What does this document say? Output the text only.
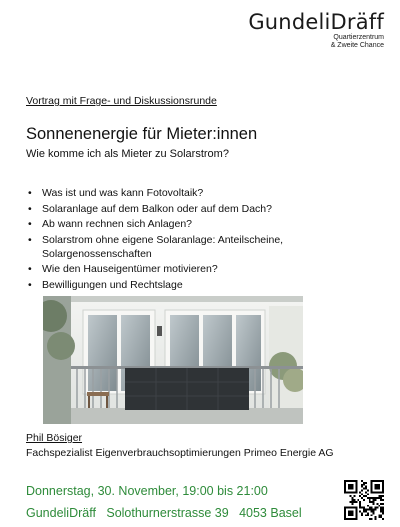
GundeliDräff
Quartierzentrum
& Zweite Chance
Vortrag mit Frage- und Diskussionsrunde
Sonnenenergie für Mieter:innen
Wie komme ich als Mieter zu Solarstrom?
• Was ist und was kann Fotovoltaik?
• Solaranlage auf dem Balkon oder auf dem Dach?
• Ab wann rechnen sich Anlagen?
• Solarstrom ohne eigene Solaranlage: Anteilscheine, Solargenossenschaften
• Wie den Hauseigentümer motivieren?
• Bewilligungen und Rechtslage
Phil Bösiger
Fachspezialist Eigenverbrauchsoptimierungen Primeo Energie AG
Donnerstag, 30. November, 19:00 bis 21:00
GundeliDräff   Solothurnerstrasse 39   4053 Basel
